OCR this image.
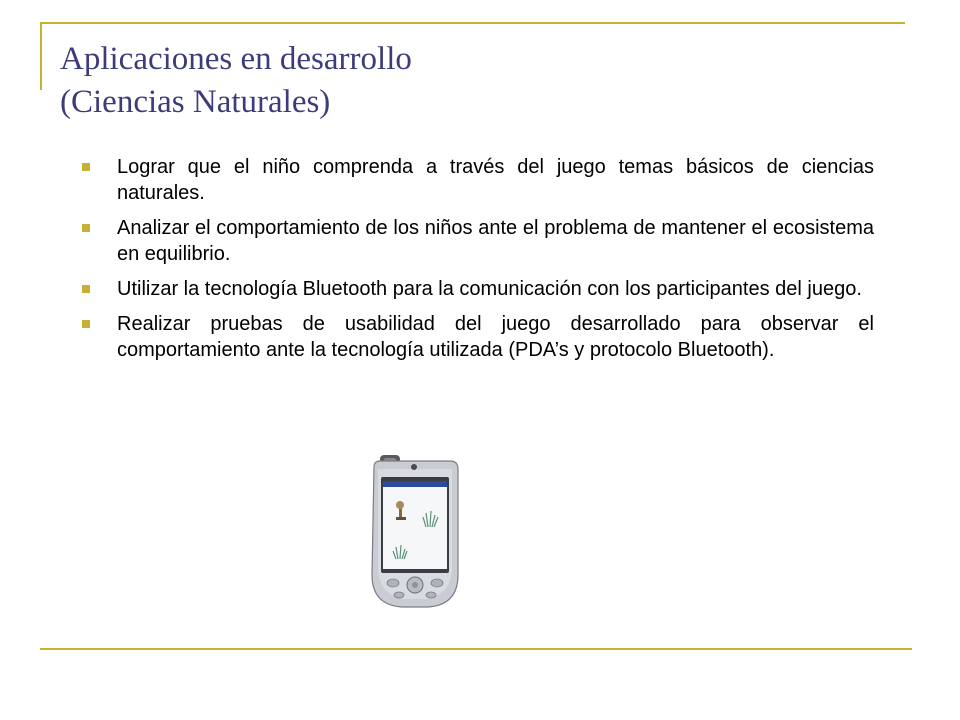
Aplicaciones en desarrollo
(Ciencias Naturales)
Lograr que el niño comprenda a través del juego temas básicos de ciencias naturales.
Analizar el comportamiento de los niños ante el problema de mantener el ecosistema en equilibrio.
Utilizar la tecnología Bluetooth para la comunicación con los participantes del juego.
Realizar pruebas de usabilidad del juego desarrollado para observar el comportamiento ante la tecnología utilizada (PDA’s y protocolo Bluetooth).
